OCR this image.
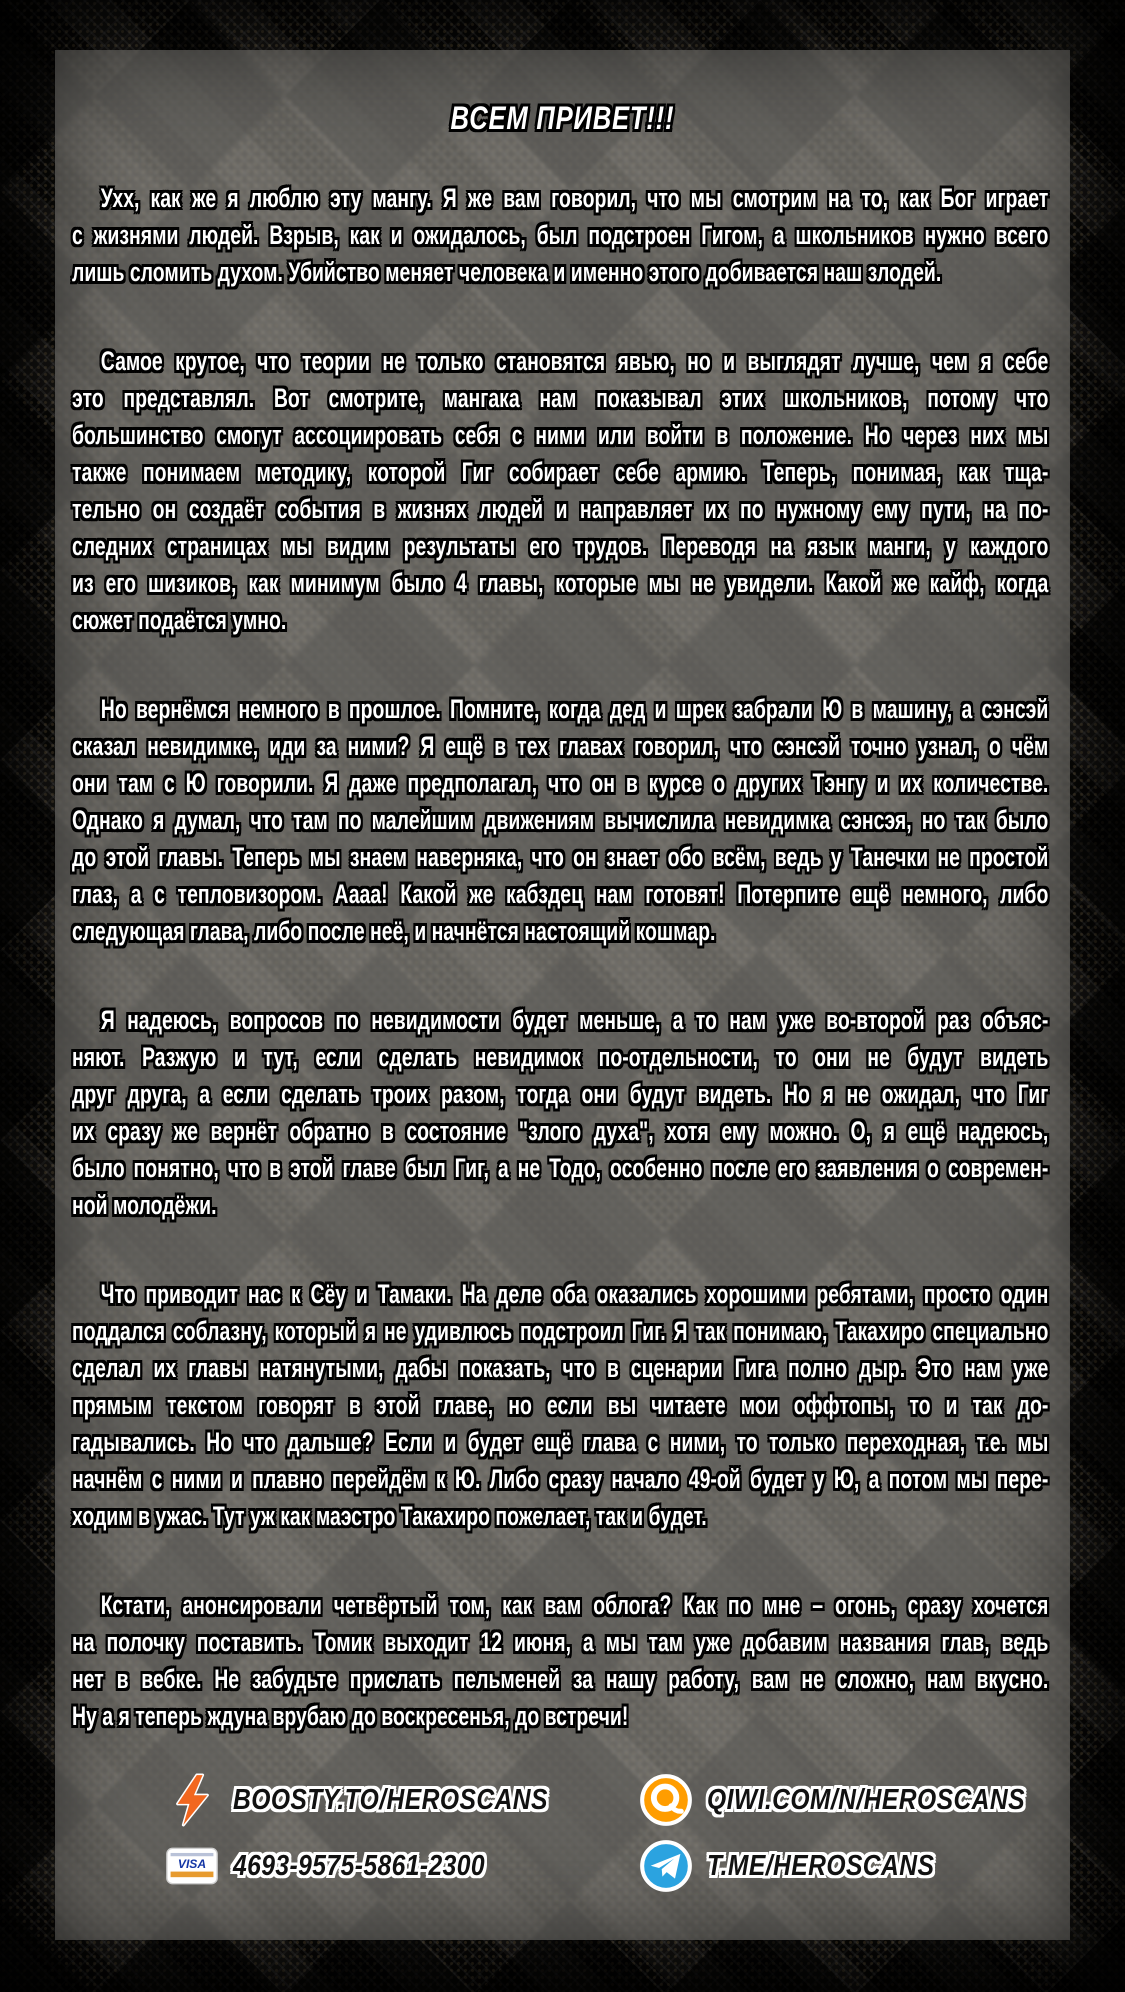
ВСЕМ ПРИВЕТ!!!
Ухх, как же я люблю эту мангу. Я же вам говорил, что мы смотрим на то, как Бог играет
с жизнями людей. Взрыв, как и ожидалось, был подстроен Гигом, а школьников нужно всего
лишь сломить духом. Убийство меняет человека и именно этого добивается наш злодей.
Самое крутое, что теории не только становятся явью, но и выглядят лучше, чем я себе
это представлял. Вот смотрите, мангака нам показывал этих школьников, потому что
большинство смогут ассоциировать себя с ними или войти в положение. Но через них мы
также понимаем методику, которой Гиг собирает себе армию. Теперь, понимая, как тща-
тельно он создаёт события в жизнях людей и направляет их по нужному ему пути, на по-
следних страницах мы видим результаты его трудов. Переводя на язык манги, у каждого
из его шизиков, как минимум было 4 главы, которые мы не увидели. Какой же кайф, когда
сюжет подаётся умно.
Но вернёмся немного в прошлое. Помните, когда дед и шрек забрали Ю в машину, а сэнсэй
сказал невидимке, иди за ними? Я ещё в тех главах говорил, что сэнсэй точно узнал, о чём
они там с Ю говорили. Я даже предполагал, что он в курсе о других Тэнгу и их количестве.
Однако я думал, что там по малейшим движениям вычислила невидимка сэнсэя, но так было
до этой главы. Теперь мы знаем наверняка, что он знает обо всём, ведь у Танечки не простой
глаз, а с тепловизором. Аааа! Какой же кабздец нам готовят! Потерпите ещё немного, либо
следующая глава, либо после неё, и начнётся настоящий кошмар.
Я надеюсь, вопросов по невидимости будет меньше, а то нам уже во-второй раз объяс-
няют. Разжую и тут, если сделать невидимок по-отдельности, то они не будут видеть
друг друга, а если сделать троих разом, тогда они будут видеть. Но я не ожидал, что Гиг
их сразу же вернёт обратно в состояние "злого духа", хотя ему можно. О, я ещё надеюсь,
было понятно, что в этой главе был Гиг, а не Тодо, особенно после его заявления о современ-
ной молодёжи.
Что приводит нас к Сёу и Тамаки. На деле оба оказались хорошими ребятами, просто один
поддался соблазну, который я не удивлюсь подстроил Гиг. Я так понимаю, Такахиро специально
сделал их главы натянутыми, дабы показать, что в сценарии Гига полно дыр. Это нам уже
прямым текстом говорят в этой главе, но если вы читаете мои оффтопы, то и так до-
гадывались. Но что дальше? Если и будет ещё глава с ними, то только переходная, т.е. мы
начнём с ними и плавно перейдём к Ю. Либо сразу начало 49-ой будет у Ю, а потом мы пере-
ходим в ужас. Тут уж как маэстро Такахиро пожелает, так и будет.
Кстати, анонсировали четвёртый том, как вам облога? Как по мне – огонь, сразу хочется
на полочку поставить. Томик выходит 12 июня, а мы там уже добавим названия глав, ведь
нет в вебке. Не забудьте прислать пельменей за нашу работу, вам не сложно, нам вкусно.
Ну а я теперь ждуна врубаю до воскресенья, до встречи!
BOOSTY.TO/HEROSCANS	QIWI.COM/N/HEROSCANS
VISA 4693-9575-5861-2300	T.ME/HEROSCANS
